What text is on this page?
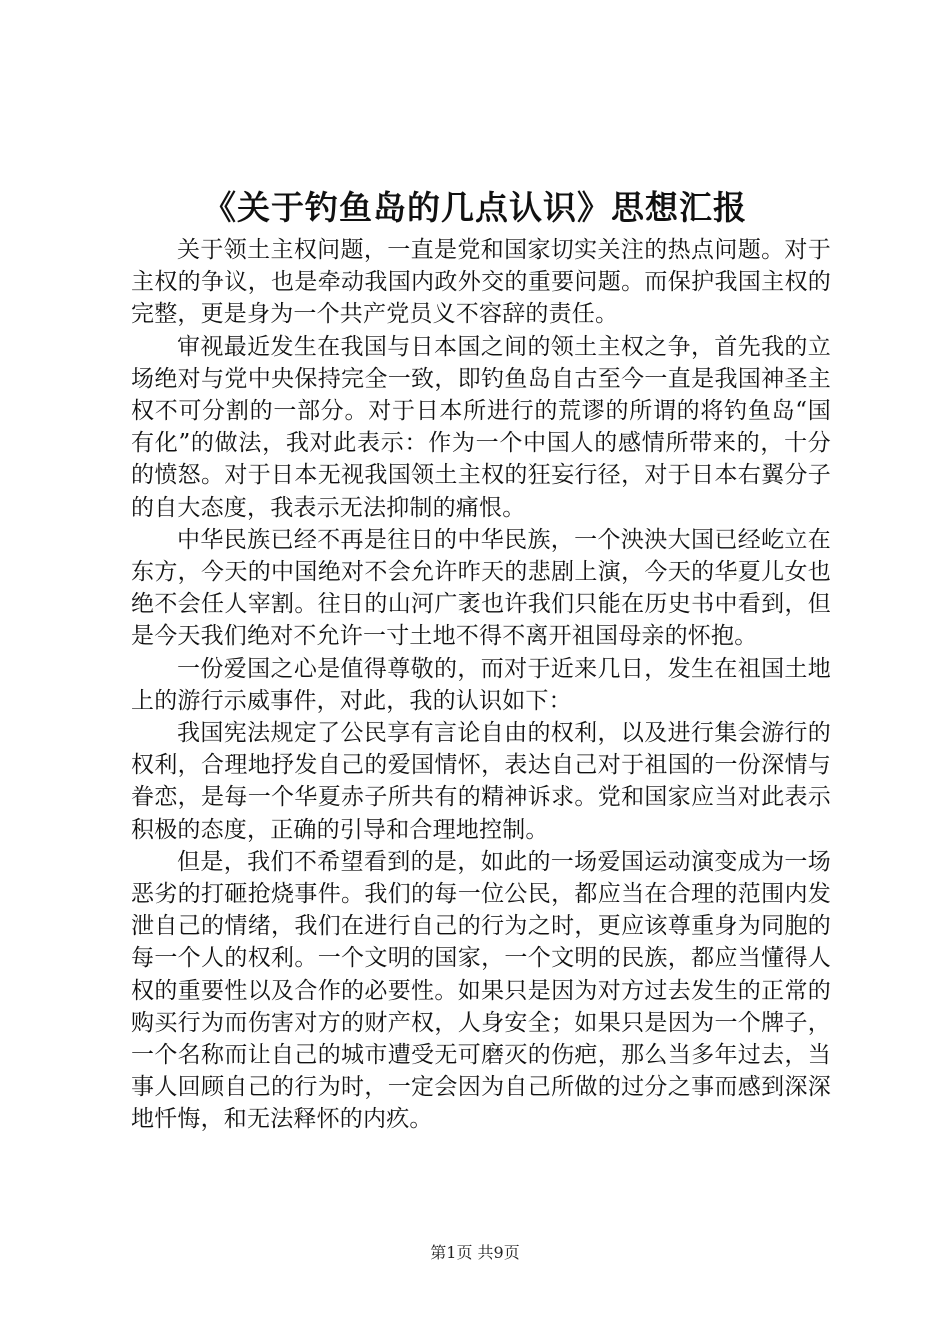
《关于钓鱼岛的几点认识》思想汇报

关于领土主权问题，一直是党和国家切实关注的热点问题。对于主权的争议，也是牵动我国内政外交的重要问题。而保护我国主权的完整，更是身为一个共产党员义不容辞的责任。

审视最近发生在我国与日本国之间的领土主权之争，首先我的立场绝对与党中央保持完全一致，即钓鱼岛自古至今一直是我国神圣主权不可分割的一部分。对于日本所进行的荒谬的所谓的将钓鱼岛“国有化”的做法，我对此表示：作为一个中国人的感情所带来的，十分的愤怒。对于日本无视我国领土主权的狂妄行径，对于日本右翼分子的自大态度，我表示无法抑制的痛恨。

中华民族已经不再是往日的中华民族，一个泱泱大国已经屹立在东方，今天的中国绝对不会允许昨天的悲剧上演，今天的华夏儿女也绝不会任人宰割。往日的山河广袤也许我们只能在历史书中看到，但是今天我们绝对不允许一寸土地不得不离开祖国母亲的怀抱。

一份爱国之心是值得尊敬的，而对于近来几日，发生在祖国土地上的游行示威事件，对此，我的认识如下：

我国宪法规定了公民享有言论自由的权利，以及进行集会游行的权利，合理地抒发自己的爱国情怀，表达自己对于祖国的一份深情与眷恋，是每一个华夏赤子所共有的精神诉求。党和国家应当对此表示积极的态度，正确的引导和合理地控制。

但是，我们不希望看到的是，如此的一场爱国运动演变成为一场恶劣的打砸抢烧事件。我们的每一位公民，都应当在合理的范围内发泄自己的情绪，我们在进行自己的行为之时，更应该尊重身为同胞的每一个人的权利。一个文明的国家，一个文明的民族，都应当懂得人权的重要性以及合作的必要性。如果只是因为对方过去发生的正常的购买行为而伤害对方的财产权，人身安全；如果只是因为一个牌子，一个名称而让自己的城市遭受无可磨灭的伤疤，那么当多年过去，当事人回顾自己的行为时，一定会因为自己所做的过分之事而感到深深地忏悔，和无法释怀的内疚。

第1页 共9页
